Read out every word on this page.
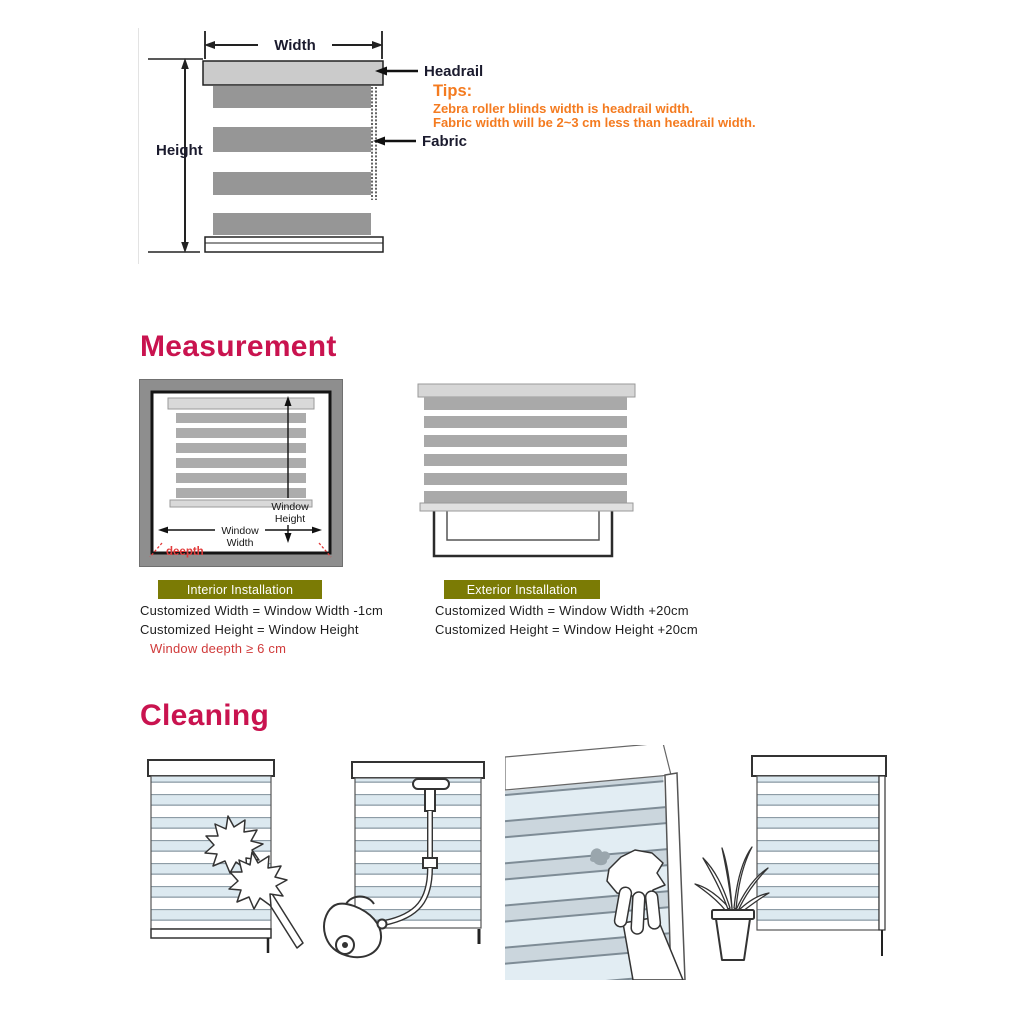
Width
Height
Headrail
Tips:
Zebra roller blinds width is headrail width.
Fabric width will be 2~3 cm less than headrail width.
Fabric
Measurement
Window
Height
Window
Width
deepth
Interior Installation	Exterior Installation
Customized Width = Window Width -1cm
Customized Height = Window Height
Window deepth ≥ 6 cm
Customized Width = Window Width +20cm
Customized Height = Window Height +20cm
Cleaning
